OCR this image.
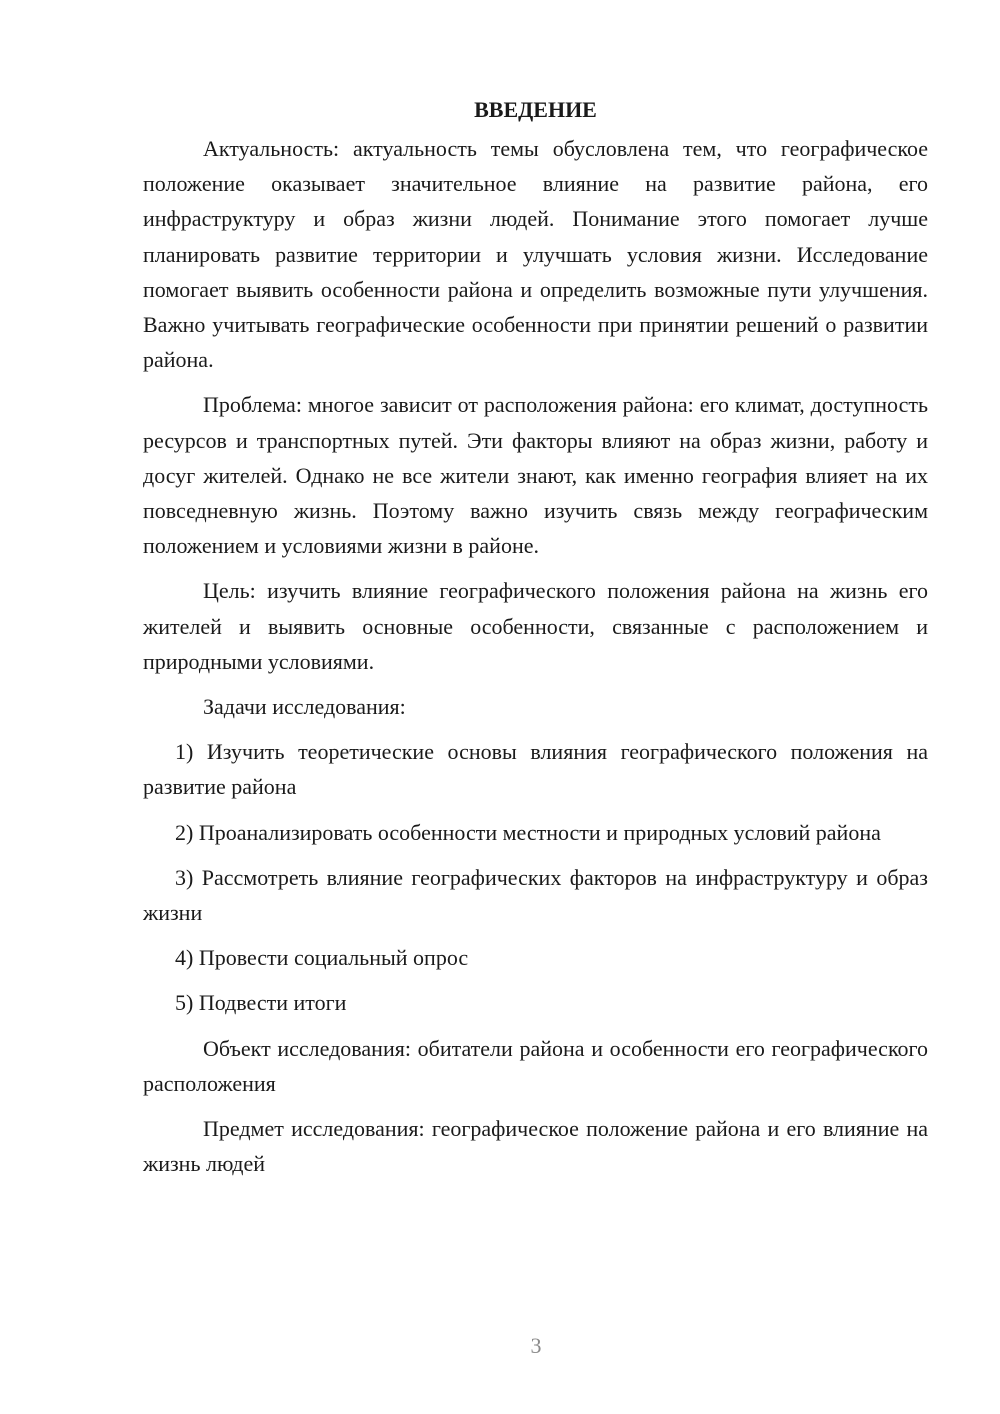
ВВЕДЕНИЕ

Актуальность: актуальность темы обусловлена тем, что географическое положение оказывает значительное влияние на развитие района, его инфраструктуру и образ жизни людей. Понимание этого помогает лучше планировать развитие территории и улучшать условия жизни. Исследование помогает выявить особенности района и определить возможные пути улучшения. Важно учитывать географические особенности при принятии решений о развитии района.

Проблема: многое зависит от расположения района: его климат, доступность ресурсов и транспортных путей. Эти факторы влияют на образ жизни, работу и досуг жителей. Однако не все жители знают, как именно география влияет на их повседневную жизнь. Поэтому важно изучить связь между географическим положением и условиями жизни в районе.

Цель: изучить влияние географического положения района на жизнь его жителей и выявить основные особенности, связанные с расположением и природными условиями.

Задачи исследования:

1) Изучить теоретические основы влияния географического положения на развитие района

2) Проанализировать особенности местности и природных условий района

3) Рассмотреть влияние географических факторов на инфраструктуру и образ жизни

4) Провести социальный опрос

5) Подвести итоги

Объект исследования: обитатели района и особенности его географического расположения

Предмет исследования: географическое положение района и его влияние на жизнь людей

3
